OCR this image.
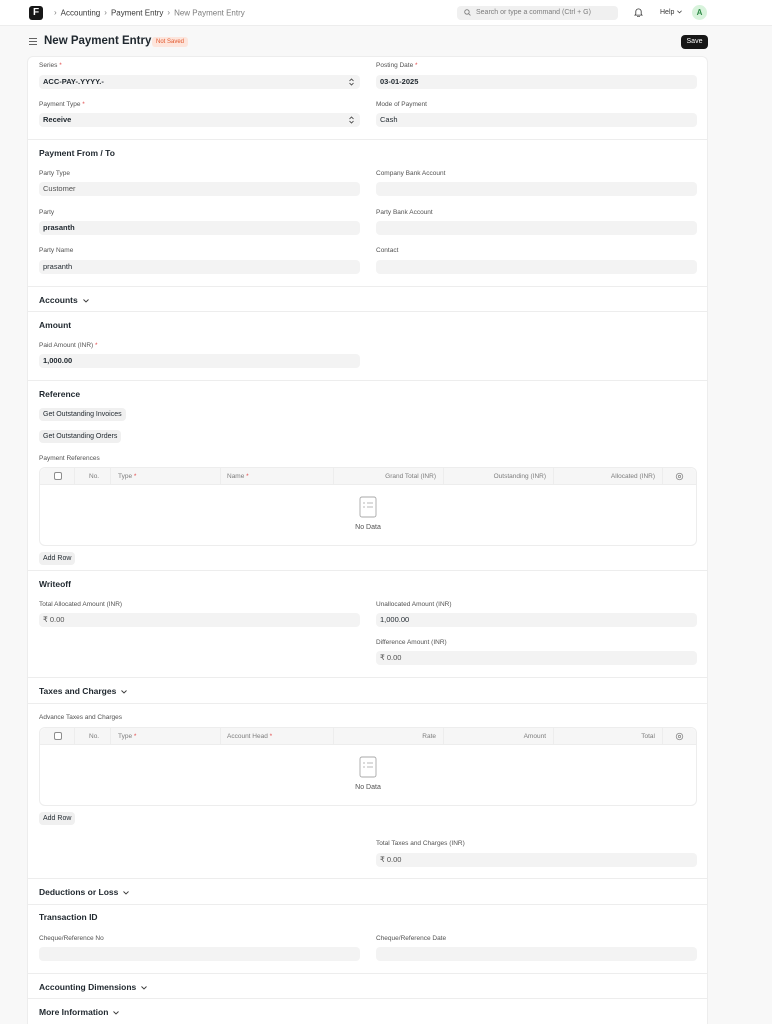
F	› Accounting › Payment Entry › New Payment Entry	Search or type a command (Ctrl + G)	Help	A
New Payment Entry Not Saved	Save
Series *
ACC-PAY-.YYYY.-
Posting Date *
03-01-2025
Payment Type *
Receive
Mode of Payment
Cash
Payment From / To
Party Type
Customer
Company Bank Account
Party
prasanth
Party Bank Account
Party Name
prasanth
Contact
Accounts
Amount
Paid Amount (INR) *
1,000.00
Reference
Get Outstanding Invoices
Get Outstanding Orders
Payment References
No.	Type *	Name *	Grand Total (INR)	Outstanding (INR)	Allocated (INR)
No Data
Add Row
Writeoff
Total Allocated Amount (INR)
₹ 0.00
Unallocated Amount (INR)
1,000.00
Difference Amount (INR)
₹ 0.00
Taxes and Charges
Advance Taxes and Charges
No.	Type *	Account Head *	Rate	Amount	Total
No Data
Add Row
Total Taxes and Charges (INR)
₹ 0.00
Deductions or Loss
Transaction ID
Cheque/Reference No	Cheque/Reference Date
Accounting Dimensions
More Information
